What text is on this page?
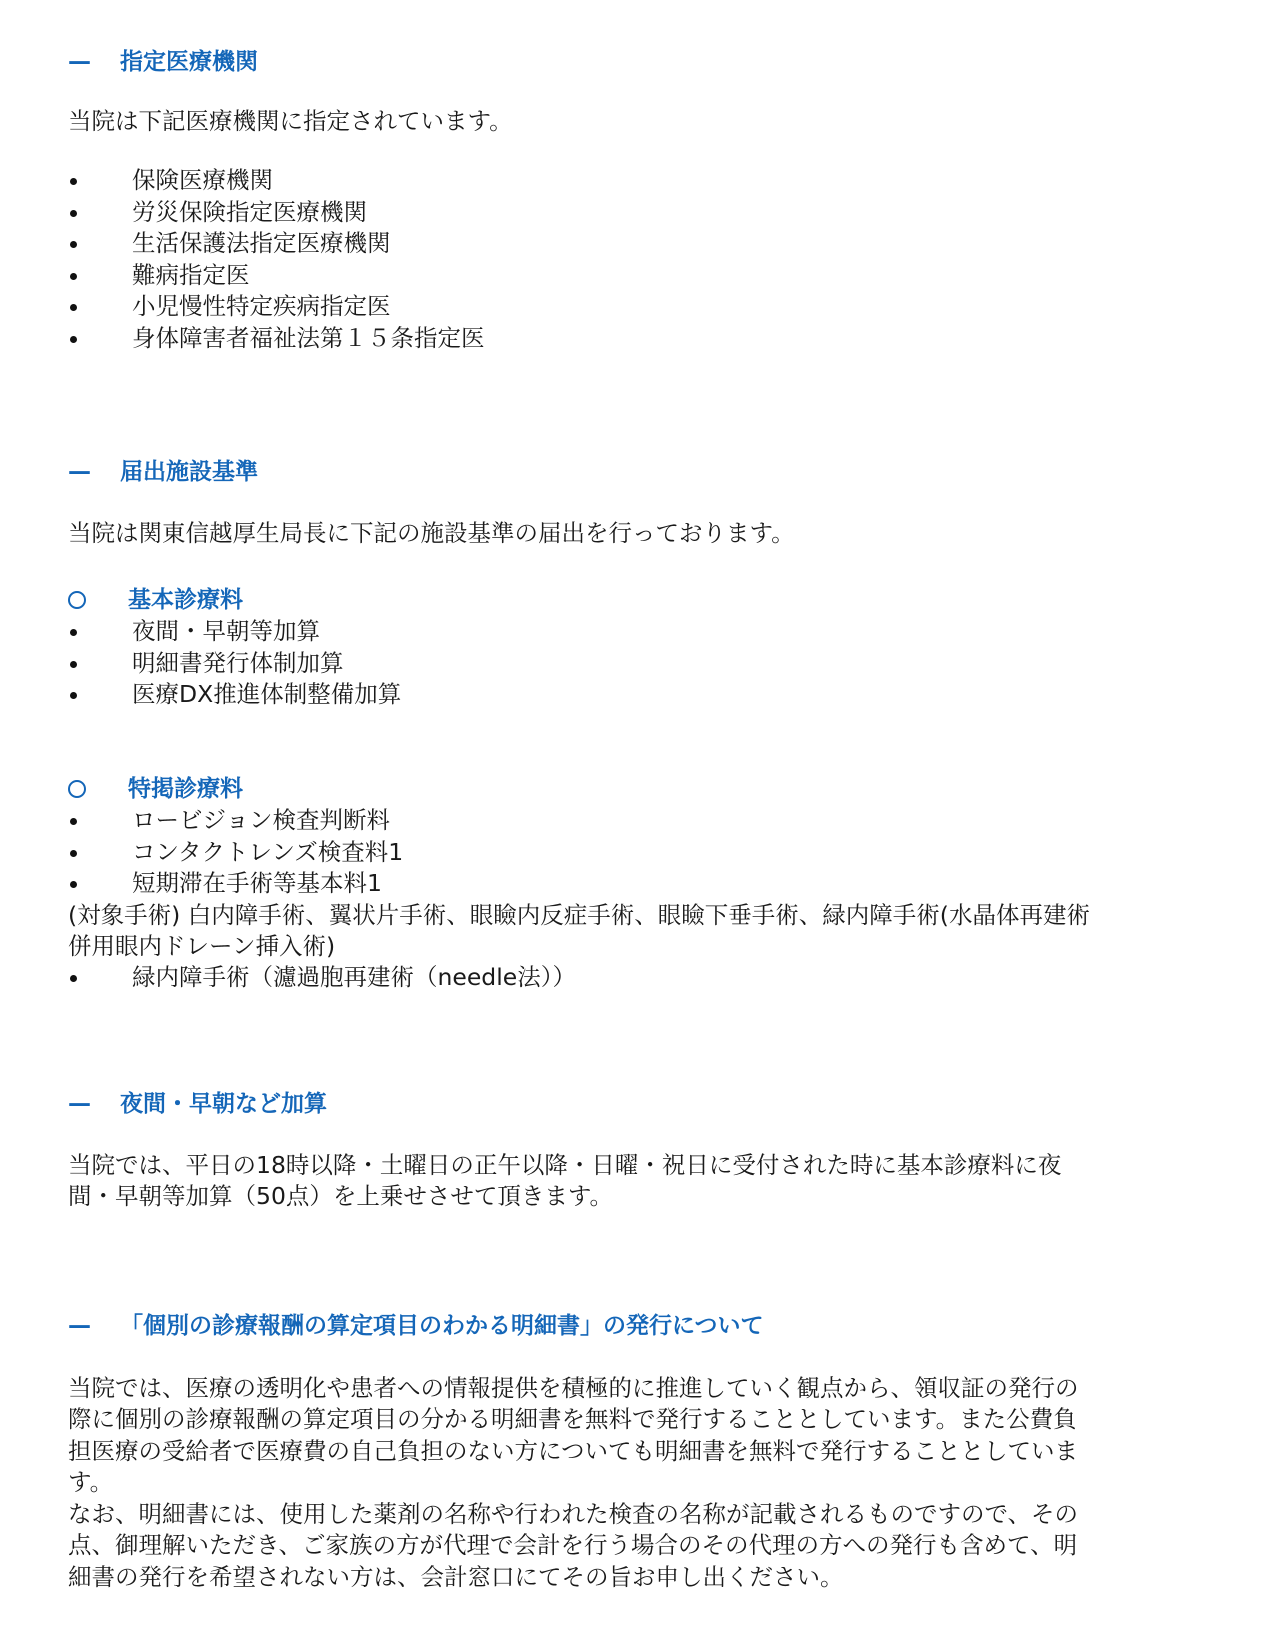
—	指定医療機関
当院は下記医療機関に指定されています。
保険医療機関
労災保険指定医療機関
生活保護法指定医療機関
難病指定医
小児慢性特定疾病指定医
身体障害者福祉法第１５条指定医
—	届出施設基準
当院は関東信越厚生局長に下記の施設基準の届出を行っております。
基本診療料
夜間・早朝等加算
明細書発行体制加算
医療DX推進体制整備加算
特掲診療料
ロービジョン検査判断料
コンタクトレンズ検査料1
短期滞在手術等基本料1
(対象手術) 白内障手術、翼状片手術、眼瞼内反症手術、眼瞼下垂手術、緑内障手術(水晶体再建術
併用眼内ドレーン挿入術)
緑内障手術（濾過胞再建術（needle法））
—	夜間・早朝など加算
当院では、平日の18時以降・土曜日の正午以降・日曜・祝日に受付された時に基本診療料に夜
間・早朝等加算（50点）を上乗せさせて頂きます。
—	「個別の診療報酬の算定項目のわかる明細書」の発行について
当院では、医療の透明化や患者への情報提供を積極的に推進していく観点から、領収証の発行の
際に個別の診療報酬の算定項目の分かる明細書を無料で発行することとしています。また公費負
担医療の受給者で医療費の自己負担のない方についても明細書を無料で発行することとしていま
す。
なお、明細書には、使用した薬剤の名称や行われた検査の名称が記載されるものですので、その
点、御理解いただき、ご家族の方が代理で会計を行う場合のその代理の方への発行も含めて、明
細書の発行を希望されない方は、会計窓口にてその旨お申し出ください。
